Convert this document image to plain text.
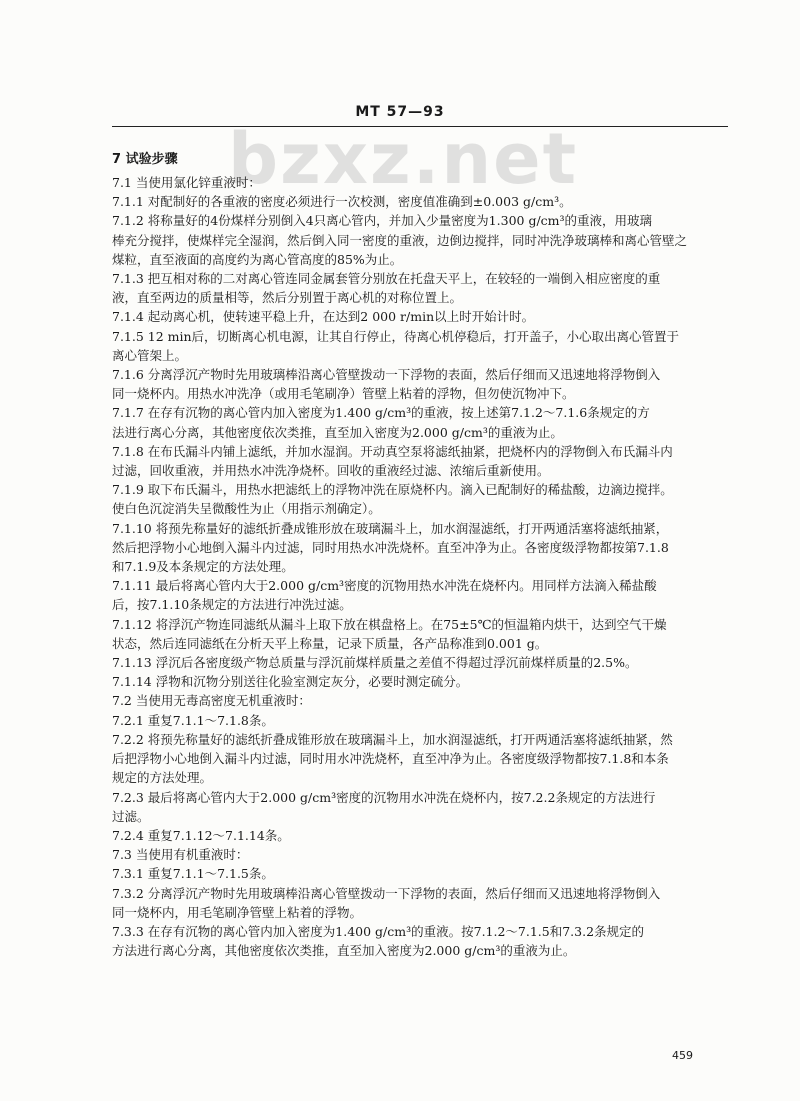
bzxz.net
MT 57—93
7 试验步骤
7.1 当使用氯化锌重液时：
7.1.1 对配制好的各重液的密度必须进行一次校测，密度值准确到±0.003 g/cm³。
7.1.2 将称量好的4份煤样分别倒入4只离心管内，并加入少量密度为1.300 g/cm³的重液，用玻璃
棒充分搅拌，使煤样完全湿润，然后倒入同一密度的重液，边倒边搅拌，同时冲洗净玻璃棒和离心管壁之
煤粒，直至液面的高度约为离心管高度的85%为止。
7.1.3 把互相对称的二对离心管连同金属套管分别放在托盘天平上，在较轻的一端倒入相应密度的重
液，直至两边的质量相等，然后分别置于离心机的对称位置上。
7.1.4 起动离心机，使转速平稳上升，在达到2 000 r/min以上时开始计时。
7.1.5 12 min后，切断离心机电源，让其自行停止，待离心机停稳后，打开盖子，小心取出离心管置于
离心管架上。
7.1.6 分离浮沉产物时先用玻璃棒沿离心管壁拨动一下浮物的表面，然后仔细而又迅速地将浮物倒入
同一烧杯内。用热水冲洗净（或用毛笔刷净）管壁上粘着的浮物，但勿使沉物冲下。
7.1.7 在存有沉物的离心管内加入密度为1.400 g/cm³的重液，按上述第7.1.2～7.1.6条规定的方
法进行离心分离，其他密度依次类推，直至加入密度为2.000 g/cm³的重液为止。
7.1.8 在布氏漏斗内铺上滤纸，并加水湿润。开动真空泵将滤纸抽紧，把烧杯内的浮物倒入布氏漏斗内
过滤，回收重液，并用热水冲洗净烧杯。回收的重液经过滤、浓缩后重新使用。
7.1.9 取下布氏漏斗，用热水把滤纸上的浮物冲洗在原烧杯内。滴入已配制好的稀盐酸，边滴边搅拌。
使白色沉淀消失呈微酸性为止（用指示剂确定）。
7.1.10 将预先称量好的滤纸折叠成锥形放在玻璃漏斗上，加水润湿滤纸，打开两通活塞将滤纸抽紧，
然后把浮物小心地倒入漏斗内过滤，同时用热水冲洗烧杯。直至冲净为止。各密度级浮物都按第7.1.8
和7.1.9及本条规定的方法处理。
7.1.11 最后将离心管内大于2.000 g/cm³密度的沉物用热水冲洗在烧杯内。用同样方法滴入稀盐酸
后，按7.1.10条规定的方法进行冲洗过滤。
7.1.12 将浮沉产物连同滤纸从漏斗上取下放在棋盘格上。在75±5℃的恒温箱内烘干，达到空气干燥
状态，然后连同滤纸在分析天平上称量，记录下质量，各产品称准到0.001 g。
7.1.13 浮沉后各密度级产物总质量与浮沉前煤样质量之差值不得超过浮沉前煤样质量的2.5%。
7.1.14 浮物和沉物分别送往化验室测定灰分，必要时测定硫分。
7.2 当使用无毒高密度无机重液时：
7.2.1 重复7.1.1～7.1.8条。
7.2.2 将预先称量好的滤纸折叠成锥形放在玻璃漏斗上，加水润湿滤纸，打开两通活塞将滤纸抽紧，然
后把浮物小心地倒入漏斗内过滤，同时用水冲洗烧杯，直至冲净为止。各密度级浮物都按7.1.8和本条
规定的方法处理。
7.2.3 最后将离心管内大于2.000 g/cm³密度的沉物用水冲洗在烧杯内，按7.2.2条规定的方法进行
过滤。
7.2.4 重复7.1.12～7.1.14条。
7.3 当使用有机重液时：
7.3.1 重复7.1.1～7.1.5条。
7.3.2 分离浮沉产物时先用玻璃棒沿离心管壁拨动一下浮物的表面，然后仔细而又迅速地将浮物倒入
同一烧杯内，用毛笔刷净管壁上粘着的浮物。
7.3.3 在存有沉物的离心管内加入密度为1.400 g/cm³的重液。按7.1.2～7.1.5和7.3.2条规定的
方法进行离心分离，其他密度依次类推，直至加入密度为2.000 g/cm³的重液为止。
459
